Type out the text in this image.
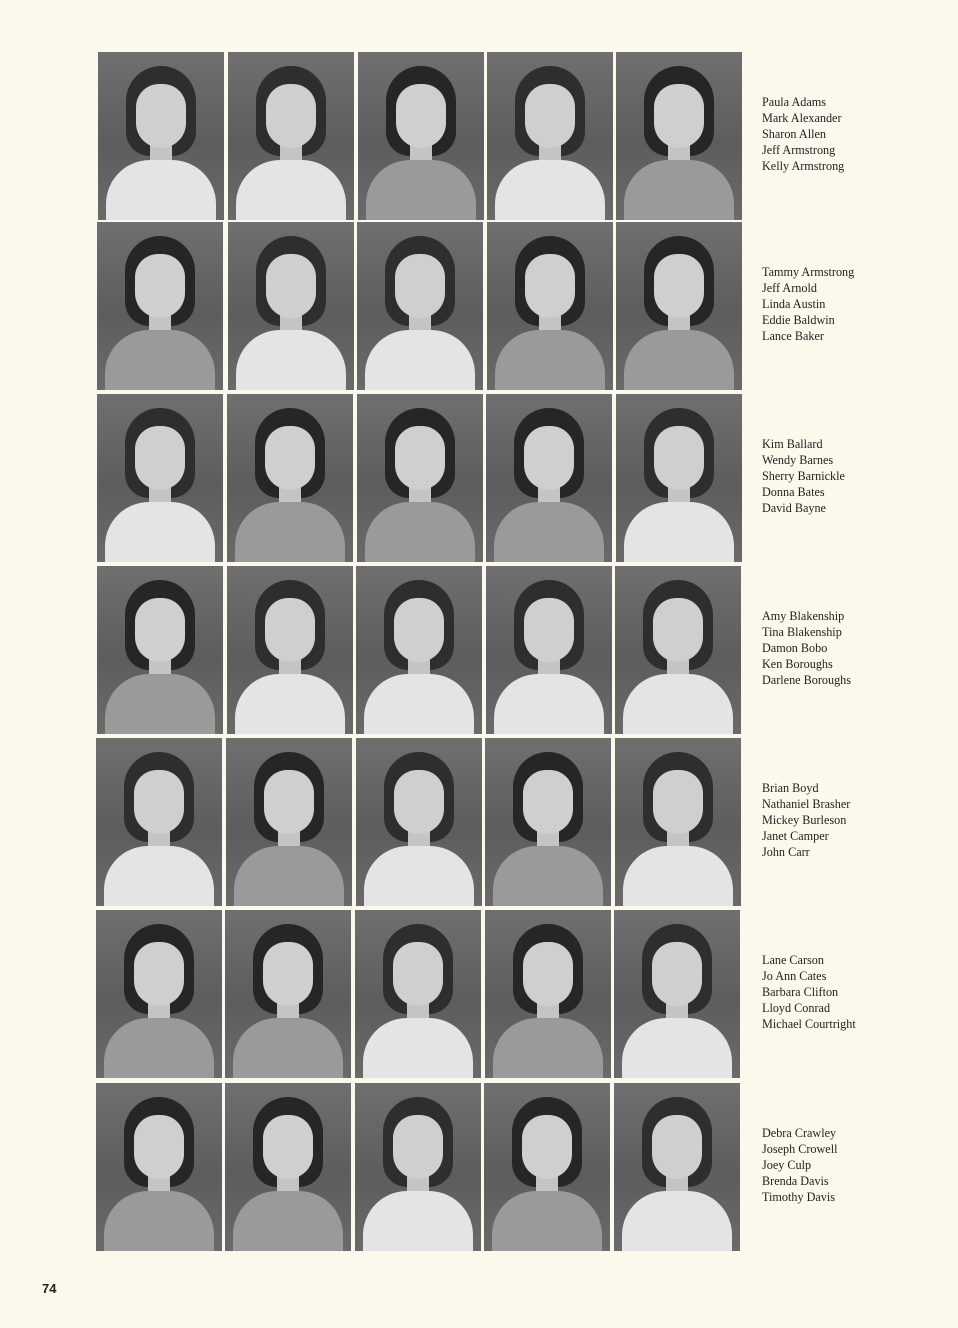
Paula Adams
Mark Alexander
Sharon Allen
Jeff Armstrong
Kelly Armstrong
Tammy Armstrong
Jeff Arnold
Linda Austin
Eddie Baldwin
Lance Baker
Kim Ballard
Wendy Barnes
Sherry Barnickle
Donna Bates
David Bayne
Amy Blakenship
Tina Blakenship
Damon Bobo
Ken Boroughs
Darlene Boroughs
Brian Boyd
Nathaniel Brasher
Mickey Burleson
Janet Camper
John Carr
Lane Carson
Jo Ann Cates
Barbara Clifton
Lloyd Conrad
Michael Courtright
Debra Crawley
Joseph Crowell
Joey Culp
Brenda Davis
Timothy Davis
74
